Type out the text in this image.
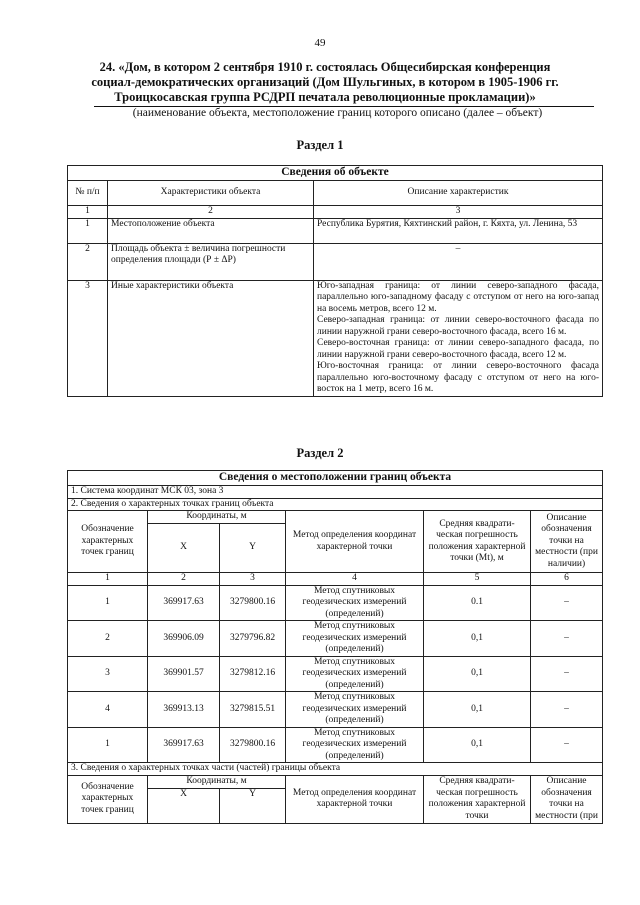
49
24. «Дом, в котором 2 сентября 1910 г. состоялась Общесибирская конференция социал-демократических организаций (Дом Шульгиных, в котором в 1905-1906 гг. Троицкосавская группа РСДРП печатала революционные прокламации)»
(наименование объекта, местоположение границ которого описано (далее – объект)
Раздел 1
Сведения об объекте		
№ п/п	Характеристики объекта	Описание характеристик
1	2	3
1	Местоположение объекта	Республика Бурятия, Кяхтинский район, г. Кяхта, ул. Ленина, 53
2	Площадь объекта ± величина погрешности определения площади (Р ± ΔР)	–
3	Иные характеристики объекта	Юго-западная граница: от линии северо-западного фасада, параллельно юго-западному фасаду с отступом от него на юго-запад на восемь метров, всего 12 м.
Северо-западная граница: от линии северо-восточного фасада по линии наружной грани северо-восточного фасада, всего 16 м.
Северо-восточная граница: от линии северо-западного фасада, по линии наружной грани северо-восточного фасада, всего 12 м.
Юго-восточная граница: от линии северо-восточного фасада параллельно юго-восточному фасаду с отступом от него на юго-восток на 1 метр, всего 16 м.
Раздел 2
Сведения о местоположении границ объекта					
1. Система координат МСК 03, зона 3					
2. Сведения о характерных точках границ объекта					
Обозначение характерных точек границ	Координаты, м		Метод определения координат характерной точки	Средняя квадрати-ческая погрешность положения характерной точки (Мt), м	Описание обозначения точки на местности (при наличии)
	X	Y			
1	2	3	4	5	6
1	369917.63	3279800.16	Метод спутниковых геодезических измерений (определений)	0.1	–
2	369906.09	3279796.82	Метод спутниковых геодезических измерений (определений)	0,1	–
3	369901.57	3279812.16	Метод спутниковых геодезических измерений (определений)	0,1	–
4	369913.13	3279815.51	Метод спутниковых геодезических измерений (определений)	0,1	–
1	369917.63	3279800.16	Метод спутниковых геодезических измерений (определений)	0,1	–
3. Сведения о характерных точках части (частей) границы объекта					
Обозначение характерных точек границ	Координаты, м		Метод определения координат характерной точки	Средняя квадрати-ческая погрешность положения характерной точки	Описание обозначения точки на местности (при
	X	Y			
